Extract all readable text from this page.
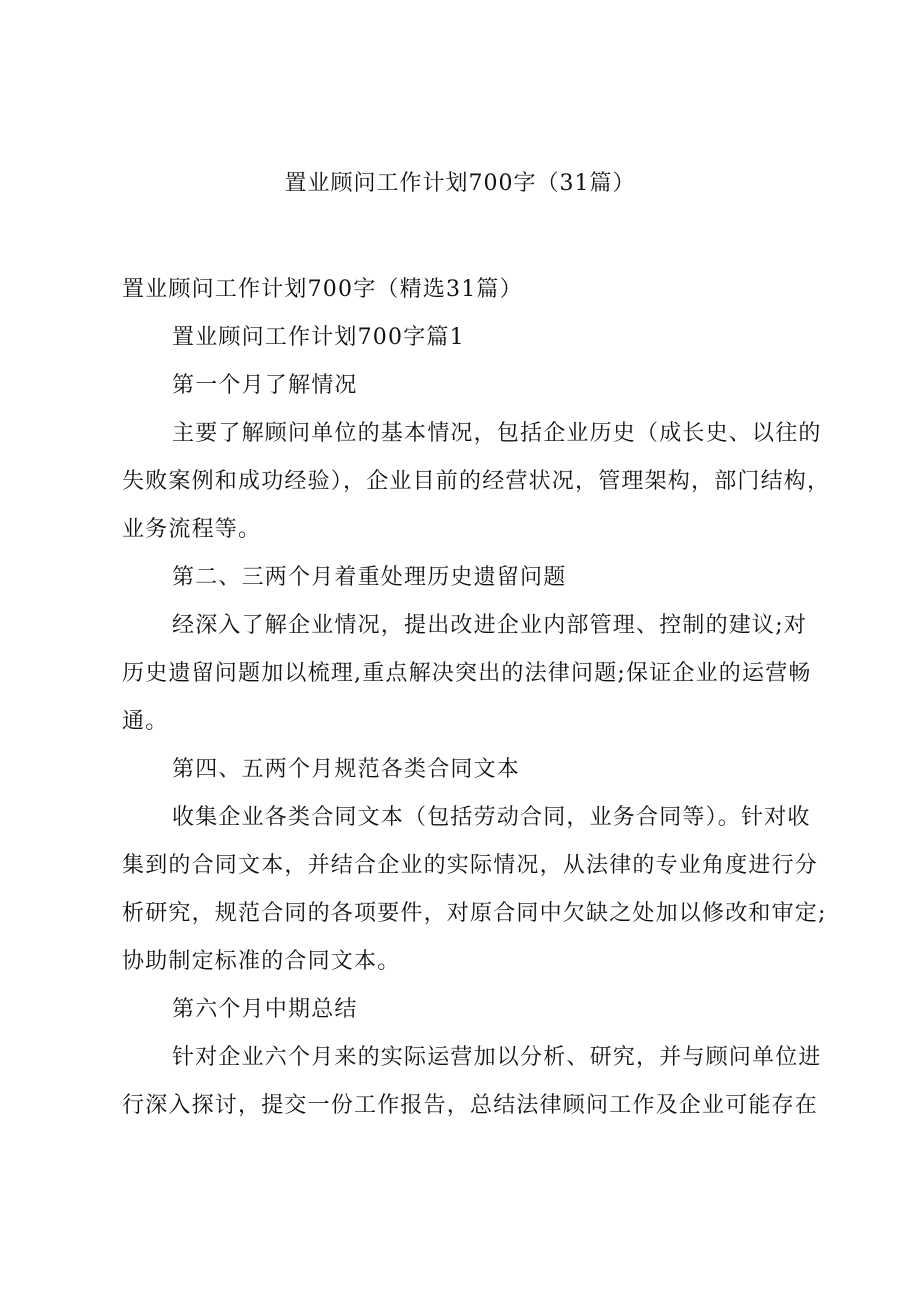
置业顾问工作计划700字（31篇）

置业顾问工作计划700字（精选31篇）

置业顾问工作计划700字篇1

第一个月了解情况

主要了解顾问单位的基本情况，包括企业历史（成长史、以往的

失败案例和成功经验），企业目前的经营状况，管理架构，部门结构，

业务流程等。

第二、三两个月着重处理历史遗留问题

经深入了解企业情况，提出改进企业内部管理、控制的建议;对

历史遗留问题加以梳理,重点解决突出的法律问题;保证企业的运营畅

通。

第四、五两个月规范各类合同文本

收集企业各类合同文本（包括劳动合同，业务合同等）。针对收

集到的合同文本，并结合企业的实际情况，从法律的专业角度进行分

析研究，规范合同的各项要件，对原合同中欠缺之处加以修改和审定;

协助制定标准的合同文本。

第六个月中期总结

针对企业六个月来的实际运营加以分析、研究，并与顾问单位进

行深入探讨，提交一份工作报告，总结法律顾问工作及企业可能存在
